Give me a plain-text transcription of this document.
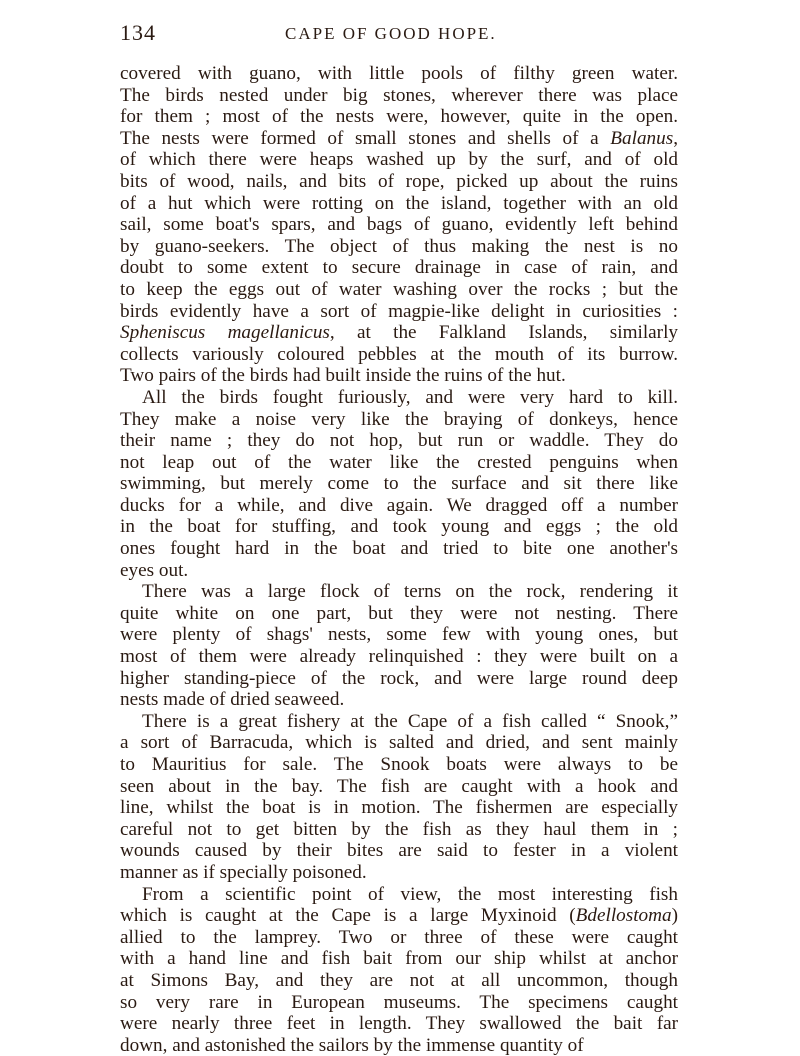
134	CAPE OF GOOD HOPE.
covered with guano, with little pools of filthy green water.
The birds nested under big stones, wherever there was place
for them ; most of the nests were, however, quite in the open.
The nests were formed of small stones and shells of a Balanus,
of which there were heaps washed up by the surf, and of old
bits of wood, nails, and bits of rope, picked up about the ruins
of a hut which were rotting on the island, together with an old
sail, some boat's spars, and bags of guano, evidently left behind
by guano-seekers. The object of thus making the nest is no
doubt to some extent to secure drainage in case of rain, and
to keep the eggs out of water washing over the rocks ; but the
birds evidently have a sort of magpie-like delight in curiosities :
Spheniscus magellanicus, at the Falkland Islands, similarly
collects variously coloured pebbles at the mouth of its burrow.
Two pairs of the birds had built inside the ruins of the hut.
All the birds fought furiously, and were very hard to kill.
They make a noise very like the braying of donkeys, hence
their name ; they do not hop, but run or waddle. They do
not leap out of the water like the crested penguins when
swimming, but merely come to the surface and sit there like
ducks for a while, and dive again. We dragged off a number
in the boat for stuffing, and took young and eggs ; the old
ones fought hard in the boat and tried to bite one another's
eyes out.
There was a large flock of terns on the rock, rendering it
quite white on one part, but they were not nesting. There
were plenty of shags' nests, some few with young ones, but
most of them were already relinquished : they were built on a
higher standing-piece of the rock, and were large round deep
nests made of dried seaweed.
There is a great fishery at the Cape of a fish called “ Snook,”
a sort of Barracuda, which is salted and dried, and sent mainly
to Mauritius for sale. The Snook boats were always to be
seen about in the bay. The fish are caught with a hook and
line, whilst the boat is in motion. The fishermen are especially
careful not to get bitten by the fish as they haul them in ;
wounds caused by their bites are said to fester in a violent
manner as if specially poisoned.
From a scientific point of view, the most interesting fish
which is caught at the Cape is a large Myxinoid (Bdellostoma)
allied to the lamprey. Two or three of these were caught
with a hand line and fish bait from our ship whilst at anchor
at Simons Bay, and they are not at all uncommon, though
so very rare in European museums. The specimens caught
were nearly three feet in length. They swallowed the bait far
down, and astonished the sailors by the immense quantity of
